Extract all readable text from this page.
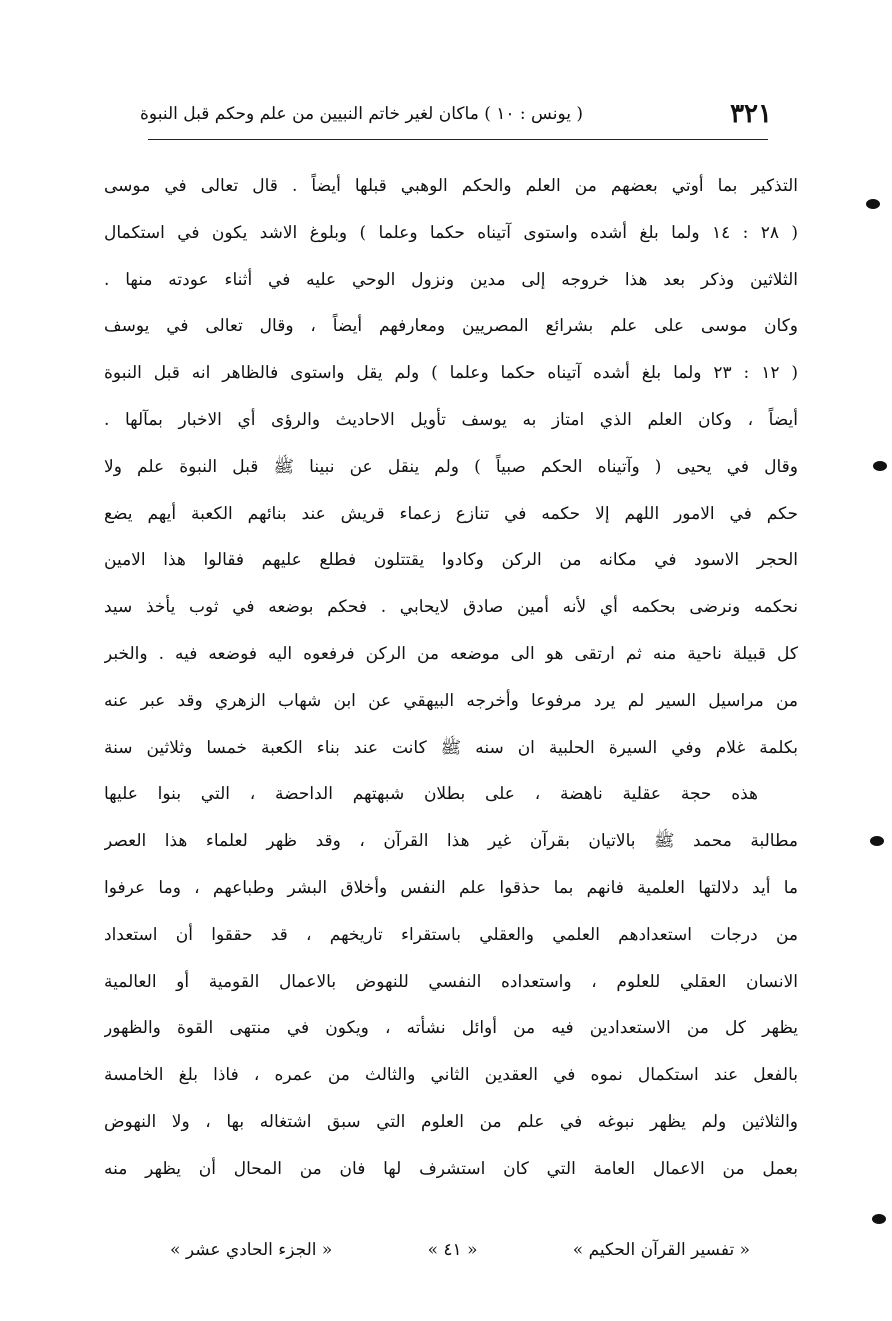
٣٢١
( يونس : ١٠ ) ماكان لغير خاتم النبيين من علم وحكم قبل النبوة
التذكير بما أوتي بعضهم من العلم والحكم الوهبي قبلها أيضاً . قال تعالى في موسى
( ٢٨ : ١٤ ولما بلغ أشده واستوى آتيناه حكما وعلما ) وبلوغ الاشد يكون في استكمال
الثلاثين وذكر بعد هذا خروجه إلى مدين ونزول الوحي عليه في أثناء عودته منها .
وكان موسى على علم بشرائع المصريين ومعارفهم أيضاً ، وقال تعالى في يوسف
( ١٢ : ٢٣ ولما بلغ أشده آتيناه حكما وعلما ) ولم يقل واستوى فالظاهر انه قبل النبوة
أيضاً ، وكان العلم الذي امتاز به يوسف تأويل الاحاديث والرؤى أي الاخبار بمآلها .
وقال في يحيى ( وآتيناه الحكم صبياً ) ولم ينقل عن نبينا ﷺ قبل النبوة علم ولا
حكم في الامور اللهم إلا حكمه في تنازع زعماء قريش عند بنائهم الكعبة أيهم يضع
الحجر الاسود في مكانه من الركن وكادوا يقتتلون فطلع عليهم فقالوا هذا الامين
نحكمه ونرضى بحكمه أي لأنه أمين صادق لايحابي . فحكم بوضعه في ثوب يأخذ سيد
كل قبيلة ناحية منه ثم ارتقى هو الى موضعه من الركن فرفعوه اليه فوضعه فيه . والخبر
من مراسيل السير لم يرد مرفوعا وأخرجه البيهقي عن ابن شهاب الزهري وقد عبر عنه
بكلمة غلام وفي السيرة الحلبية ان سنه ﷺ كانت عند بناء الكعبة خمسا وثلاثين سنة
هذه حجة عقلية ناهضة ، على بطلان شبهتهم الداحضة ، التي بنوا عليها
مطالبة محمد ﷺ بالاتيان بقرآن غير هذا القرآن ، وقد ظهر لعلماء هذا العصر
ما أيد دلالتها العلمية فانهم بما حذقوا علم النفس وأخلاق البشر وطباعهم ، وما عرفوا
من درجات استعدادهم العلمي والعقلي باستقراء تاريخهم ، قد حققوا أن استعداد
الانسان العقلي للعلوم ، واستعداده النفسي للنهوض بالاعمال القومية أو العالمية
يظهر كل من الاستعدادين فيه من أوائل نشأته ، ويكون في منتهى القوة والظهور
بالفعل عند استكمال نموه في العقدين الثاني والثالث من عمره ، فاذا بلغ الخامسة
والثلاثين ولم يظهر نبوغه في علم من العلوم التي سبق اشتغاله بها ، ولا النهوض
بعمل من الاعمال العامة التي كان استشرف لها فان من المحال أن يظهر منه
« تفسير القرآن الحكيم »
« ٤١ »
« الجزء الحادي عشر »
